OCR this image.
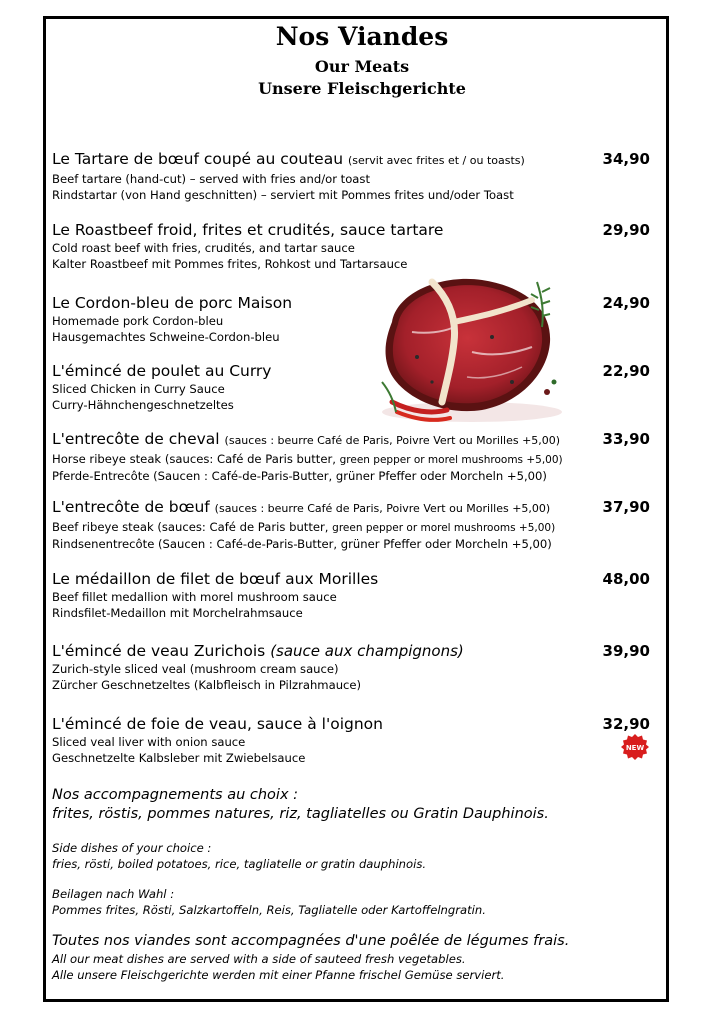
Nos Viandes
Our Meats
Unsere Fleischgerichte
Le Tartare de bœuf coupé au couteau (servit avec frites et / ou toasts)
Beef tartare (hand-cut) – served with fries and/or toast
Rindstartar (von Hand geschnitten) – serviert mit Pommes frites und/oder Toast
34,90
Le Roastbeef froid, frites et crudités, sauce tartare
Cold roast beef with fries, crudités, and tartar sauce
Kalter Roastbeef mit Pommes frites, Rohkost und Tartarsauce
29,90
Le Cordon-bleu de porc Maison
Homemade pork Cordon-bleu
Hausgemachtes Schweine-Cordon-bleu
24,90
L'émincé de poulet au Curry
Sliced Chicken in Curry Sauce
Curry-Hähnchengeschnetzeltes
22,90
L'entrecôte de cheval (sauces : beurre Café de Paris, Poivre Vert ou Morilles +5,00)
Horse ribeye steak (sauces: Café de Paris butter, green pepper or morel mushrooms +5,00)
Pferde-Entrecôte (Saucen : Café-de-Paris-Butter, grüner Pfeffer oder Morcheln +5,00)
33,90
L'entrecôte de bœuf (sauces : beurre Café de Paris, Poivre Vert ou Morilles +5,00)
Beef ribeye steak (sauces: Café de Paris butter, green pepper or morel mushrooms +5,00)
Rindsenentrecôte (Saucen : Café-de-Paris-Butter, grüner Pfeffer oder Morcheln +5,00)
37,90
Le médaillon de filet de bœuf aux Morilles
Beef fillet medallion with morel mushroom sauce
Rindsfilet-Medaillon mit Morchelrahmsauce
48,00
L'émincé de veau Zurichois (sauce aux champignons)
Zurich-style sliced veal (mushroom cream sauce)
Zürcher Geschnetzeltes (Kalbfleisch in Pilzrahmauce)
39,90
L'émincé de foie de veau, sauce à l'oignon
Sliced veal liver with onion sauce
Geschnetzelte Kalbsleber mit Zwiebelsauce
32,90
NEW
Nos accompagnements au choix :
frites, röstis, pommes natures, riz, tagliatelles ou Gratin Dauphinois.
Side dishes of your choice :
fries, rösti, boiled potatoes, rice, tagliatelle or gratin dauphinois.
Beilagen nach Wahl :
Pommes frites, Rösti, Salzkartoffeln, Reis, Tagliatelle oder Kartoffelngratin.
Toutes nos viandes sont accompagnées d'une poêlée de légumes frais.
All our meat dishes are served with a side of sauteed fresh vegetables.
Alle unsere Fleischgerichte werden mit einer Pfanne frischel Gemüse serviert.
